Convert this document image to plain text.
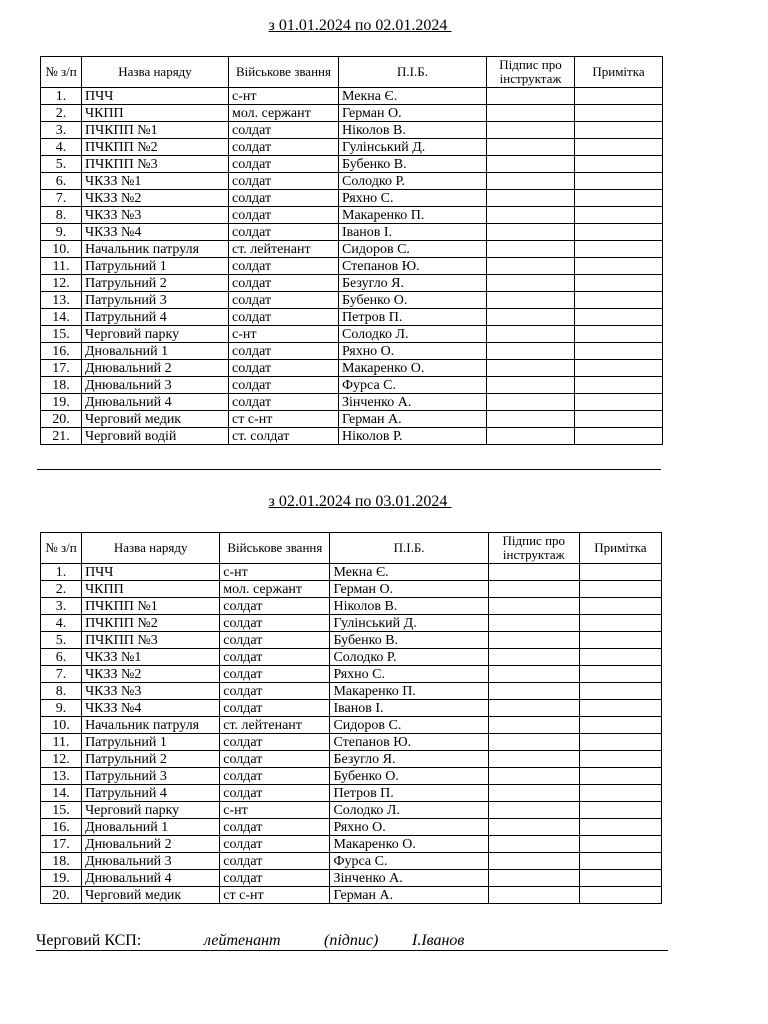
з 01.01.2024 по 02.01.2024
№ з/п	Назва наряду	Військове звання	П.І.Б.	Підпис про інструктаж	Примітка
1.	ПЧЧ	с-нт	Мекна Є.		
2.	ЧКПП	мол. сержант	Герман О.		
3.	ПЧКПП №1	солдат	Ніколов В.		
4.	ПЧКПП №2	солдат	Гулінський Д.		
5.	ПЧКПП №3	солдат	Бубенко В.		
6.	ЧКЗЗ №1	солдат	Солодко Р.		
7.	ЧКЗЗ №2	солдат	Ряхно С.		
8.	ЧКЗЗ №3	солдат	Макаренко П.		
9.	ЧКЗЗ №4	солдат	Іванов І.		
10.	Начальник патруля	ст. лейтенант	Сидоров С.		
11.	Патрульний 1	солдат	Степанов Ю.		
12.	Патрульний 2	солдат	Безугло Я.		
13.	Патрульний 3	солдат	Бубенко О.		
14.	Патрульний 4	солдат	Петров П.		
15.	Черговий парку	с-нт	Солодко Л.		
16.	Дновальний 1	солдат	Ряхно О.		
17.	Днювальний 2	солдат	Макаренко О.		
18.	Днювальний 3	солдат	Фурса С.		
19.	Днювальний 4	солдат	Зінченко А.		
20.	Черговий медик	ст с-нт	Герман А.		
21.	Черговий водій	ст. солдат	Ніколов Р.		
з 02.01.2024 по 03.01.2024
№ з/п	Назва наряду	Військове звання	П.І.Б.	Підпис про інструктаж	Примітка
1.	ПЧЧ	с-нт	Мекна Є.		
2.	ЧКПП	мол. сержант	Герман О.		
3.	ПЧКПП №1	солдат	Ніколов В.		
4.	ПЧКПП №2	солдат	Гулінський Д.		
5.	ПЧКПП №3	солдат	Бубенко В.		
6.	ЧКЗЗ №1	солдат	Солодко Р.		
7.	ЧКЗЗ №2	солдат	Ряхно С.		
8.	ЧКЗЗ №3	солдат	Макаренко П.		
9.	ЧКЗЗ №4	солдат	Іванов І.		
10.	Начальник патруля	ст. лейтенант	Сидоров С.		
11.	Патрульний 1	солдат	Степанов Ю.		
12.	Патрульний 2	солдат	Безугло Я.		
13.	Патрульний 3	солдат	Бубенко О.		
14.	Патрульний 4	солдат	Петров П.		
15.	Черговий парку	с-нт	Солодко Л.		
16.	Дновальний 1	солдат	Ряхно О.		
17.	Днювальний 2	солдат	Макаренко О.		
18.	Днювальний 3	солдат	Фурса С.		
19.	Днювальний 4	солдат	Зінченко А.		
20.	Черговий медик	ст с-нт	Герман А.		
Черговий КСП:	лейтенант	(підпис) І.Іванов
